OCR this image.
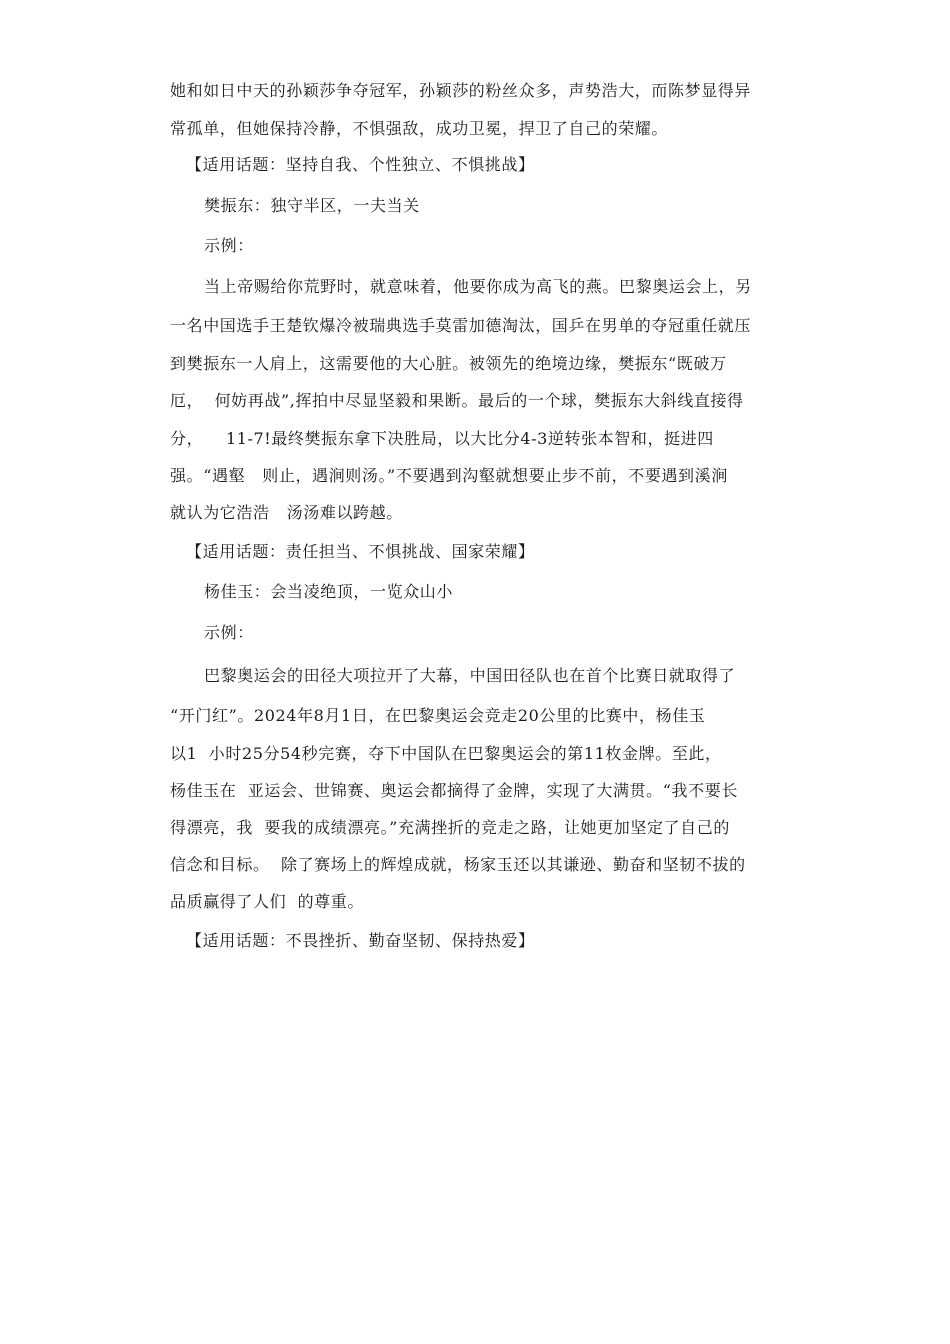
她和如日中天的孙颖莎争夺冠军，孙颖莎的粉丝众多，声势浩大，而陈梦显得异
常孤单，但她保持冷静，不惧强敌，成功卫冕，捍卫了自己的荣耀。
【适用话题：坚持自我、个性独立、不惧挑战】
樊振东：独守半区，一夫当关
示例：
当上帝赐给你荒野时，就意味着，他要你成为高飞的燕。巴黎奥运会上，另
一名中国选手王楚钦爆冷被瑞典选手莫雷加德淘汰，国乒在男单的夺冠重任就压
到樊振东一人肩上，这需要他的大心脏。被领先的绝境边缘，樊振东“既破万
厄，  何妨再战”,挥拍中尽显坚毅和果断。最后的一个球，樊振东大斜线直接得
分，    11-7!最终樊振东拿下决胜局，以大比分4-3逆转张本智和，挺进四
强。“遇壑   则止，遇涧则汤。”不要遇到沟壑就想要止步不前，不要遇到溪涧
就认为它浩浩   汤汤难以跨越。
【适用话题：责任担当、不惧挑战、国家荣耀】
杨佳玉：会当凌绝顶，一览众山小
示例：
巴黎奥运会的田径大项拉开了大幕，中国田径队也在首个比赛日就取得了
“开门红”。2024年8月1日，在巴黎奥运会竞走20公里的比赛中，杨佳玉
以1  小时25分54秒完赛，夺下中国队在巴黎奥运会的第11枚金牌。至此，
杨佳玉在  亚运会、世锦赛、奥运会都摘得了金牌，实现了大满贯。“我不要长
得漂亮，我  要我的成绩漂亮。”充满挫折的竞走之路，让她更加坚定了自己的
信念和目标。  除了赛场上的辉煌成就，杨家玉还以其谦逊、勤奋和坚韧不拔的
品质赢得了人们  的尊重。
【适用话题：不畏挫折、勤奋坚韧、保持热爱】
